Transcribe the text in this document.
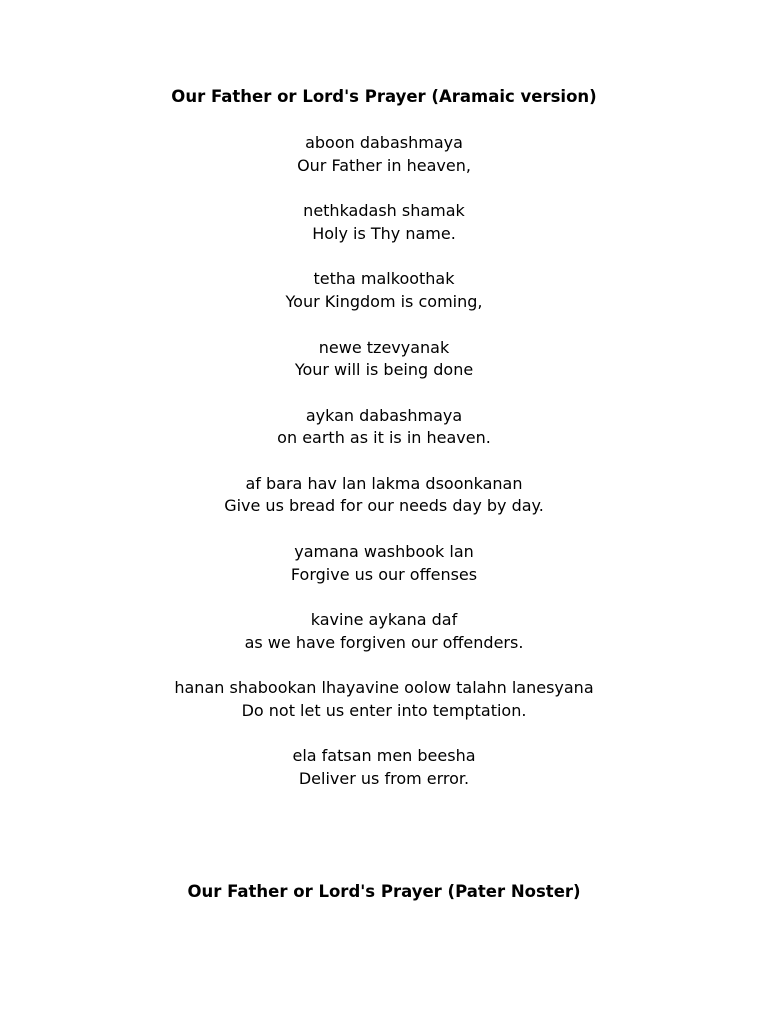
Our Father or Lord's Prayer (Aramaic version)
aboon dabashmaya
Our Father in heaven,
nethkadash shamak
Holy is Thy name.
tetha malkoothak
Your Kingdom is coming,
newe tzevyanak
Your will is being done
aykan dabashmaya
on earth as it is in heaven.
af bara hav lan lakma dsoonkanan
Give us bread for our needs day by day.
yamana washbook lan
Forgive us our offenses
kavine aykana daf
as we have forgiven our offenders.
hanan shabookan lhayavine oolow talahn lanesyana
Do not let us enter into temptation.
ela fatsan men beesha
Deliver us from error.
Our Father or Lord's Prayer (Pater Noster)
